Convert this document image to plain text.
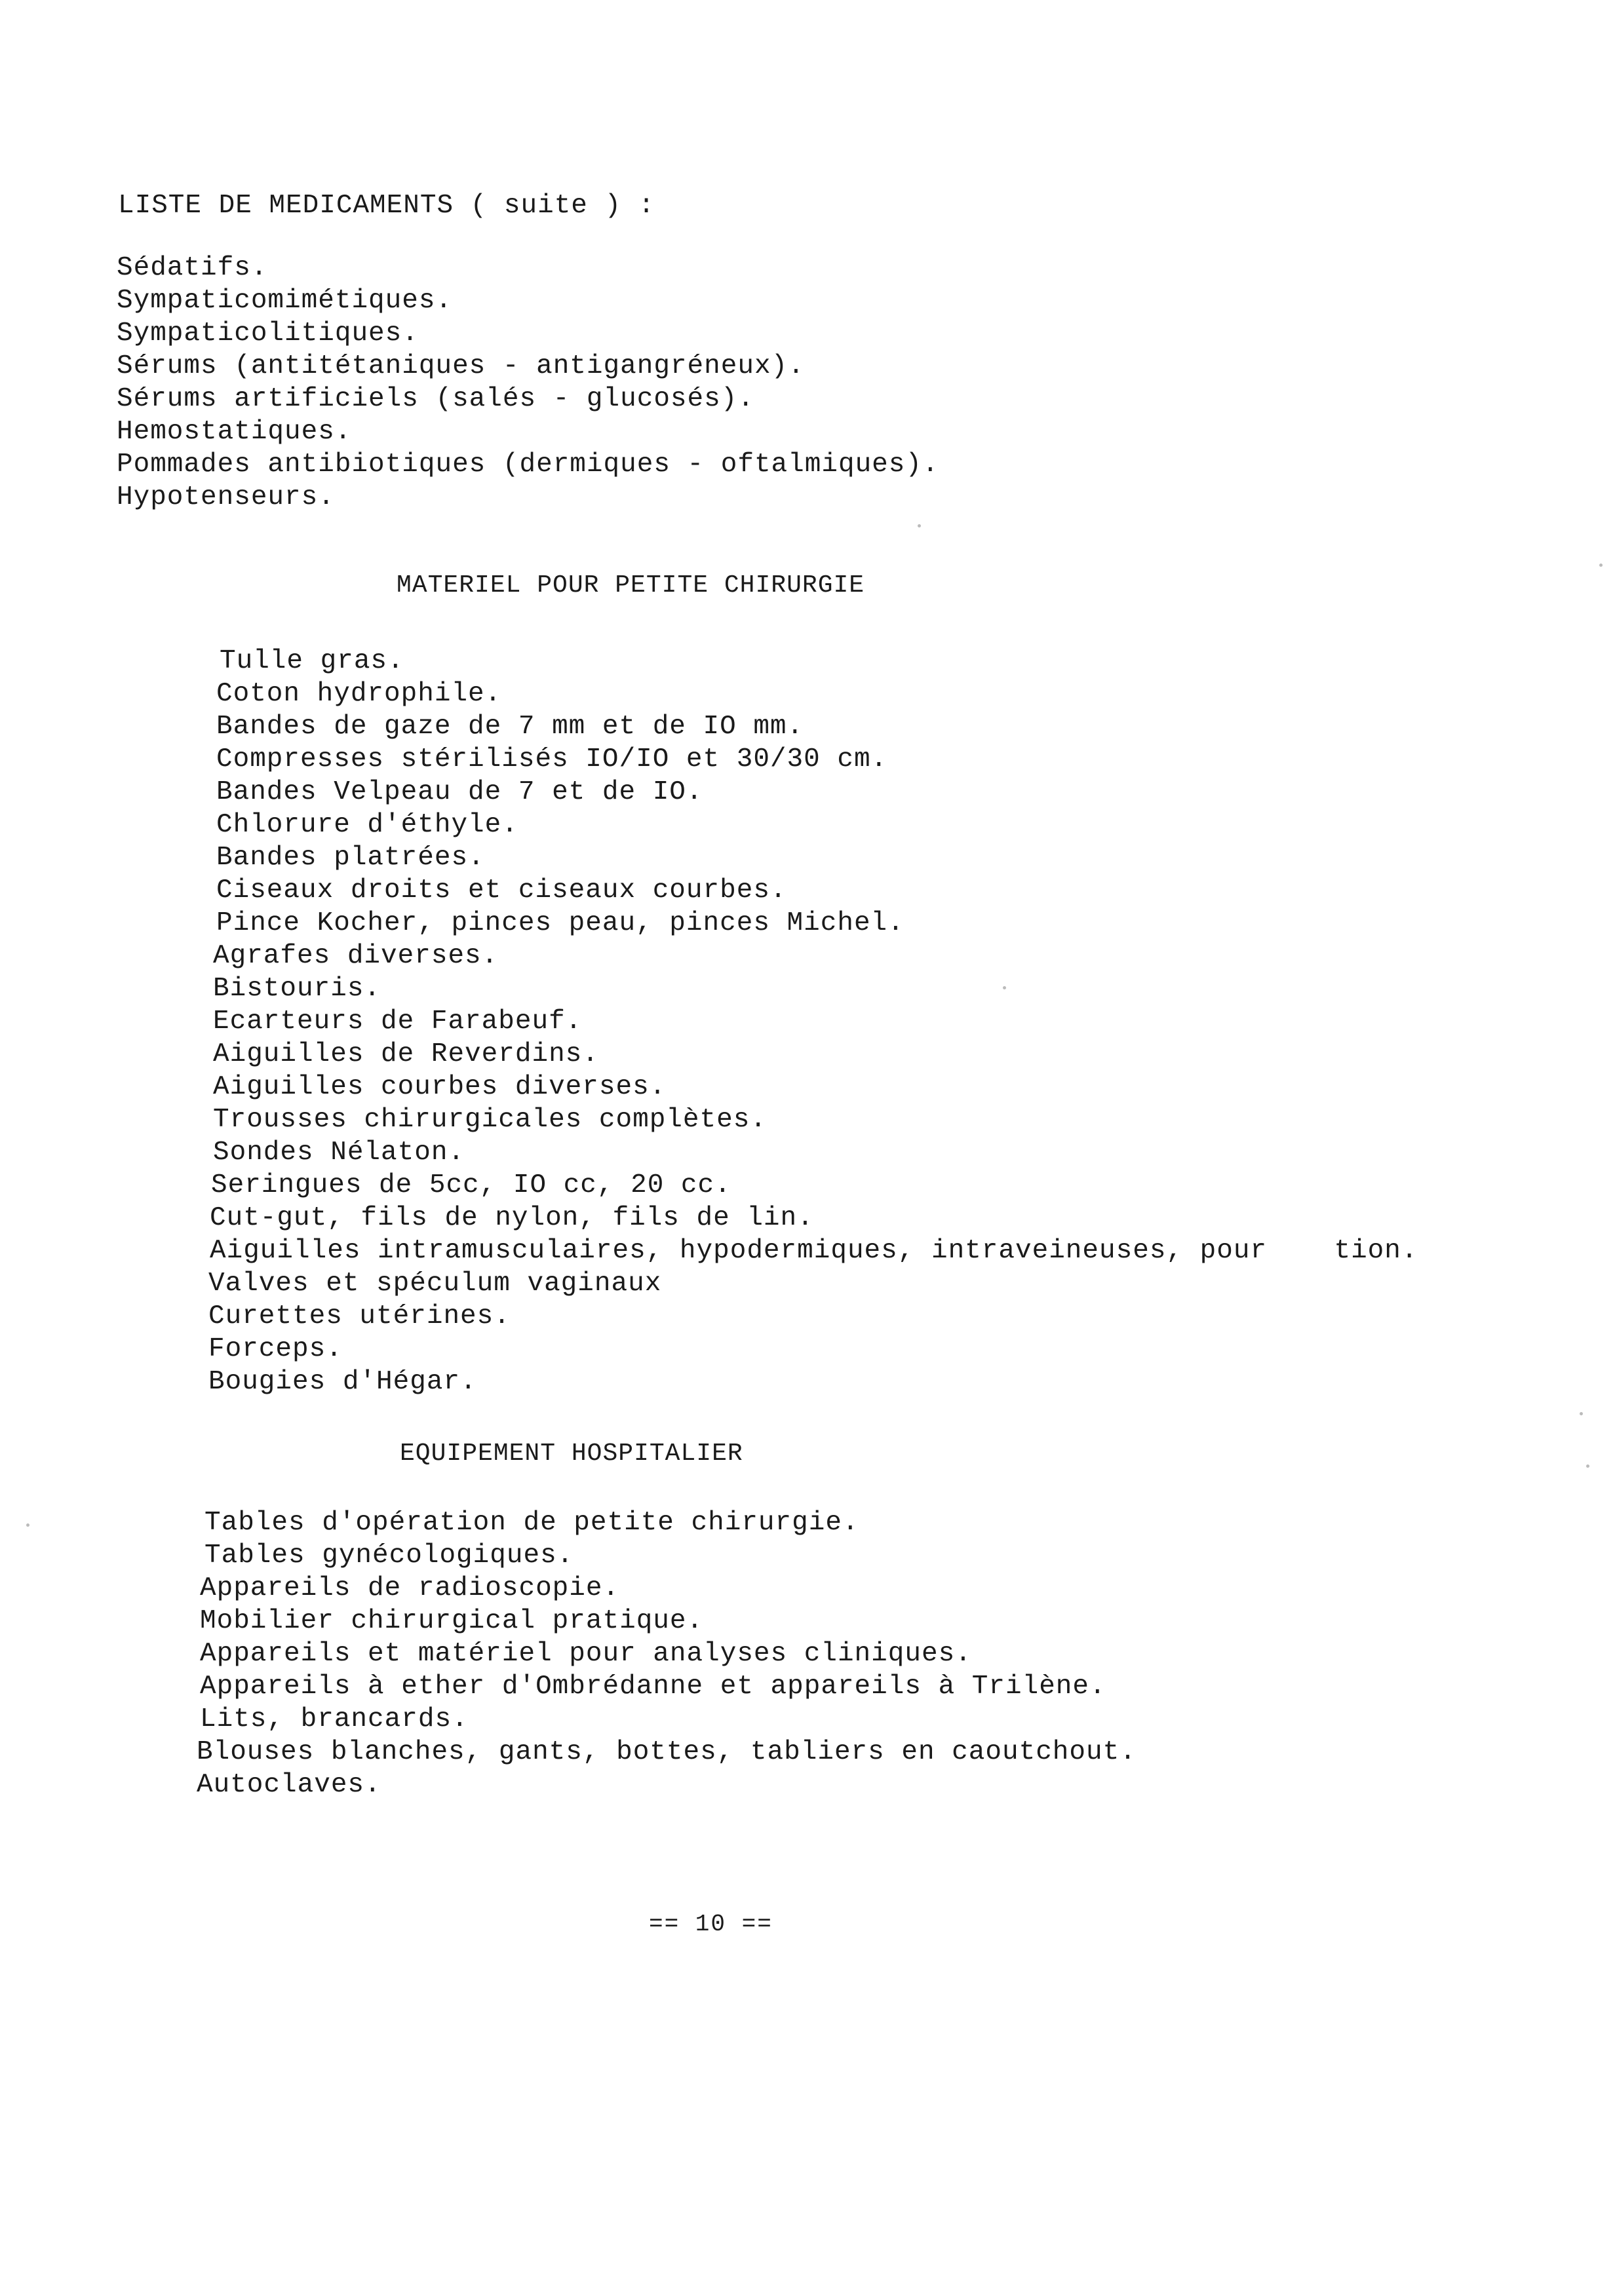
LISTE DE MEDICAMENTS ( suite ) :
Sédatifs.
Sympaticomimétiques.
Sympaticolitiques.
Sérums (antitétaniques - antigangréneux).
Sérums artificiels (salés - glucosés).
Hemostatiques.
Pommades antibiotiques (dermiques - oftalmiques).
Hypotenseurs.
MATERIEL POUR PETITE CHIRURGIE
Tulle gras.
Coton hydrophile.
Bandes de gaze de 7 mm et de IO mm.
Compresses stérilisés IO/IO et 30/30 cm.
Bandes Velpeau de 7 et de IO.
Chlorure d'éthyle.
Bandes platrées.
Ciseaux droits et ciseaux courbes.
Pince Kocher, pinces peau, pinces Michel.
Agrafes diverses.
Bistouris.
Ecarteurs de Farabeuf.
Aiguilles de Reverdins.
Aiguilles courbes diverses.
Trousses chirurgicales complètes.
Sondes Nélaton.
Seringues de 5cc, IO cc, 20 cc.
Cut-gut, fils de nylon, fils de lin.
Aiguilles intramusculaires, hypodermiques, intraveineuses, pour    tion.
Valves et spéculum vaginaux
Curettes utérines.
Forceps.
Bougies d'Hégar.
EQUIPEMENT HOSPITALIER
Tables d'opération de petite chirurgie.
Tables gynécologiques.
Appareils de radioscopie.
Mobilier chirurgical pratique.
Appareils et matériel pour analyses cliniques.
Appareils à ether d'Ombrédanne et appareils à Trilène.
Lits, brancards.
Blouses blanches, gants, bottes, tabliers en caoutchout.
Autoclaves.
== 10 ==
